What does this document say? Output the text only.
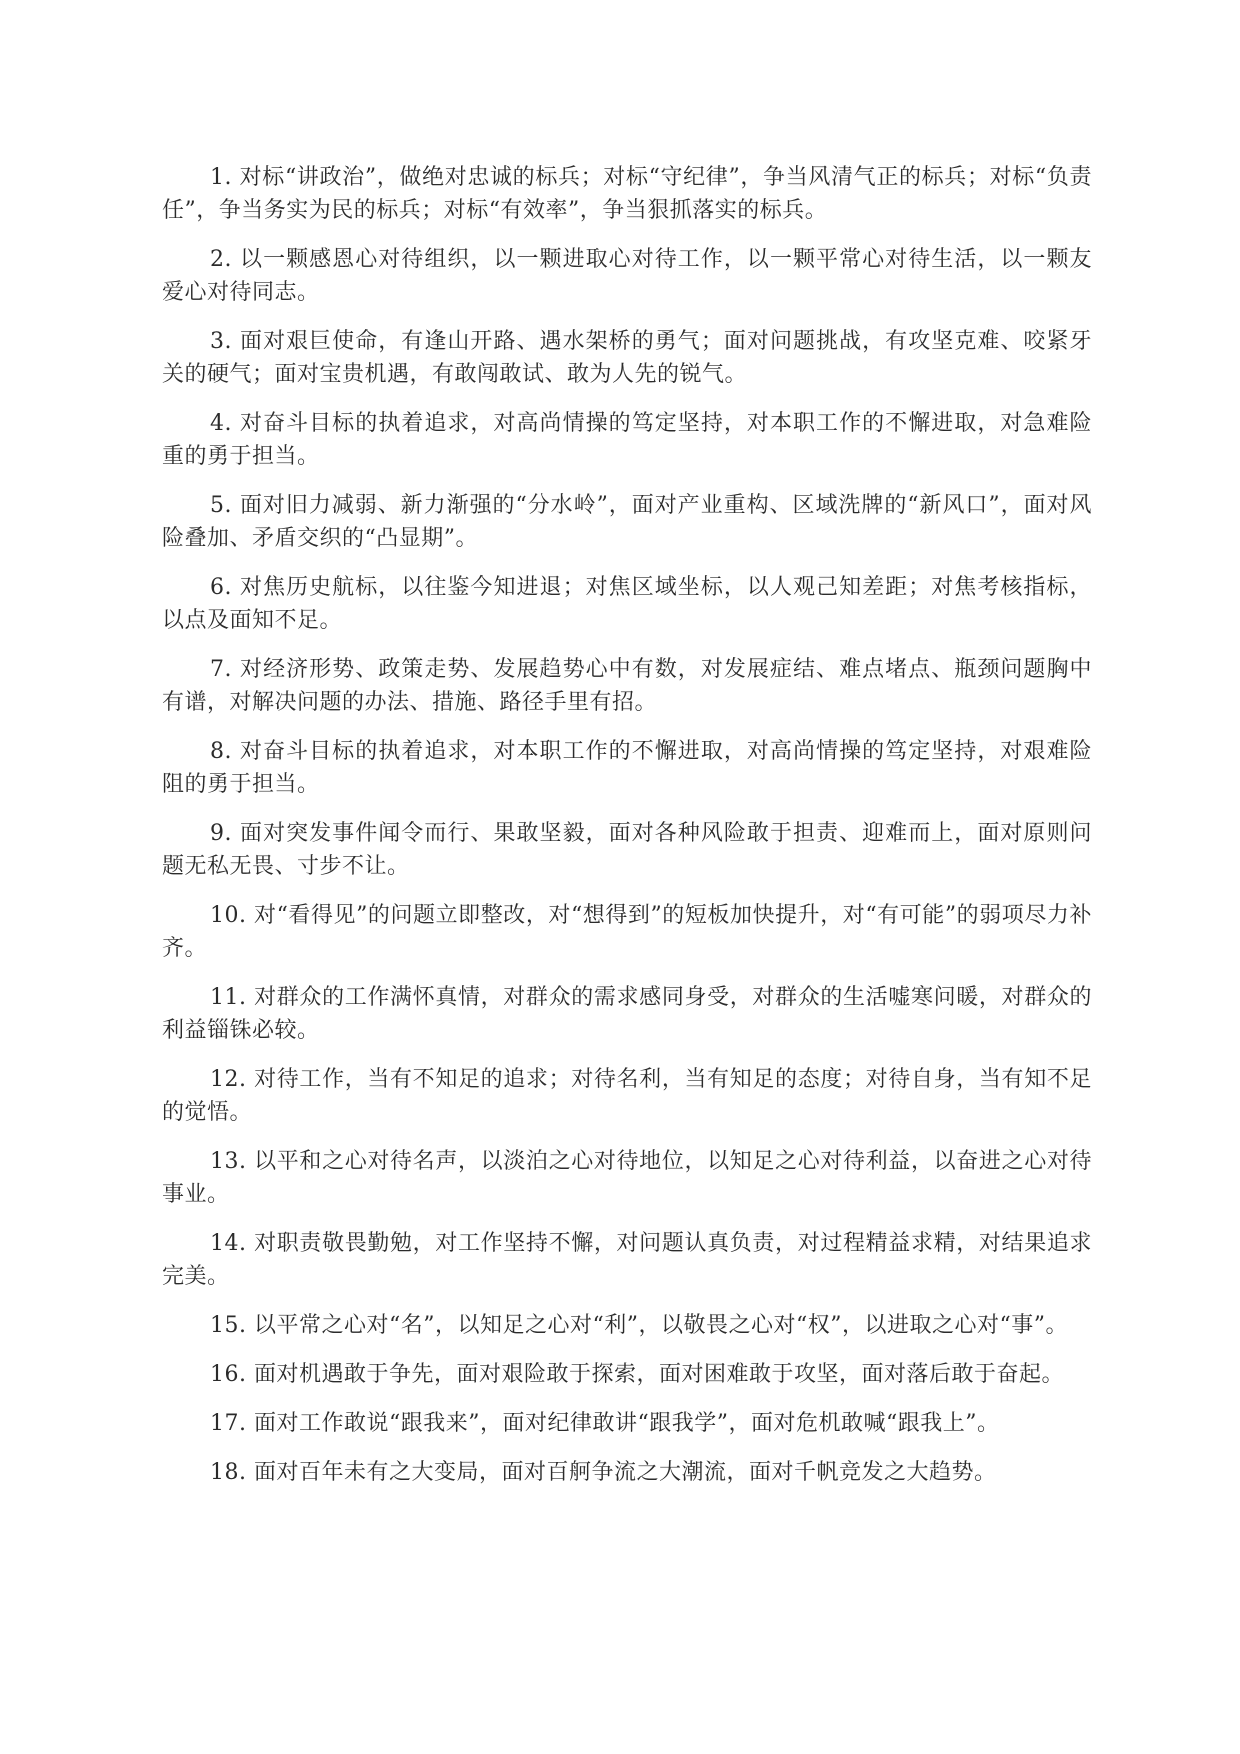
1. 对标“讲政治”，做绝对忠诚的标兵；对标“守纪律”，争当风清气正的标兵；对标“负责任”，争当务实为民的标兵；对标“有效率”，争当狠抓落实的标兵。

2. 以一颗感恩心对待组织，以一颗进取心对待工作，以一颗平常心对待生活，以一颗友爱心对待同志。

3. 面对艰巨使命，有逢山开路、遇水架桥的勇气；面对问题挑战，有攻坚克难、咬紧牙关的硬气；面对宝贵机遇，有敢闯敢试、敢为人先的锐气。

4. 对奋斗目标的执着追求，对高尚情操的笃定坚持，对本职工作的不懈进取，对急难险重的勇于担当。

5. 面对旧力减弱、新力渐强的“分水岭”，面对产业重构、区域洗牌的“新风口”，面对风险叠加、矛盾交织的“凸显期”。

6. 对焦历史航标，以往鉴今知进退；对焦区域坐标，以人观己知差距；对焦考核指标，以点及面知不足。

7. 对经济形势、政策走势、发展趋势心中有数，对发展症结、难点堵点、瓶颈问题胸中有谱，对解决问题的办法、措施、路径手里有招。

8. 对奋斗目标的执着追求，对本职工作的不懈进取，对高尚情操的笃定坚持，对艰难险阻的勇于担当。

9. 面对突发事件闻令而行、果敢坚毅，面对各种风险敢于担责、迎难而上，面对原则问题无私无畏、寸步不让。

10. 对“看得见”的问题立即整改，对“想得到”的短板加快提升，对“有可能”的弱项尽力补齐。

11. 对群众的工作满怀真情，对群众的需求感同身受，对群众的生活嘘寒问暖，对群众的利益锱铢必较。

12. 对待工作，当有不知足的追求；对待名利，当有知足的态度；对待自身，当有知不足的觉悟。

13. 以平和之心对待名声，以淡泊之心对待地位，以知足之心对待利益，以奋进之心对待事业。

14. 对职责敬畏勤勉，对工作坚持不懈，对问题认真负责，对过程精益求精，对结果追求完美。

15. 以平常之心对“名”，以知足之心对“利”，以敬畏之心对“权”，以进取之心对“事”。

16. 面对机遇敢于争先，面对艰险敢于探索，面对困难敢于攻坚，面对落后敢于奋起。

17. 面对工作敢说“跟我来”，面对纪律敢讲“跟我学”，面对危机敢喊“跟我上”。

18. 面对百年未有之大变局，面对百舸争流之大潮流，面对千帆竞发之大趋势。
